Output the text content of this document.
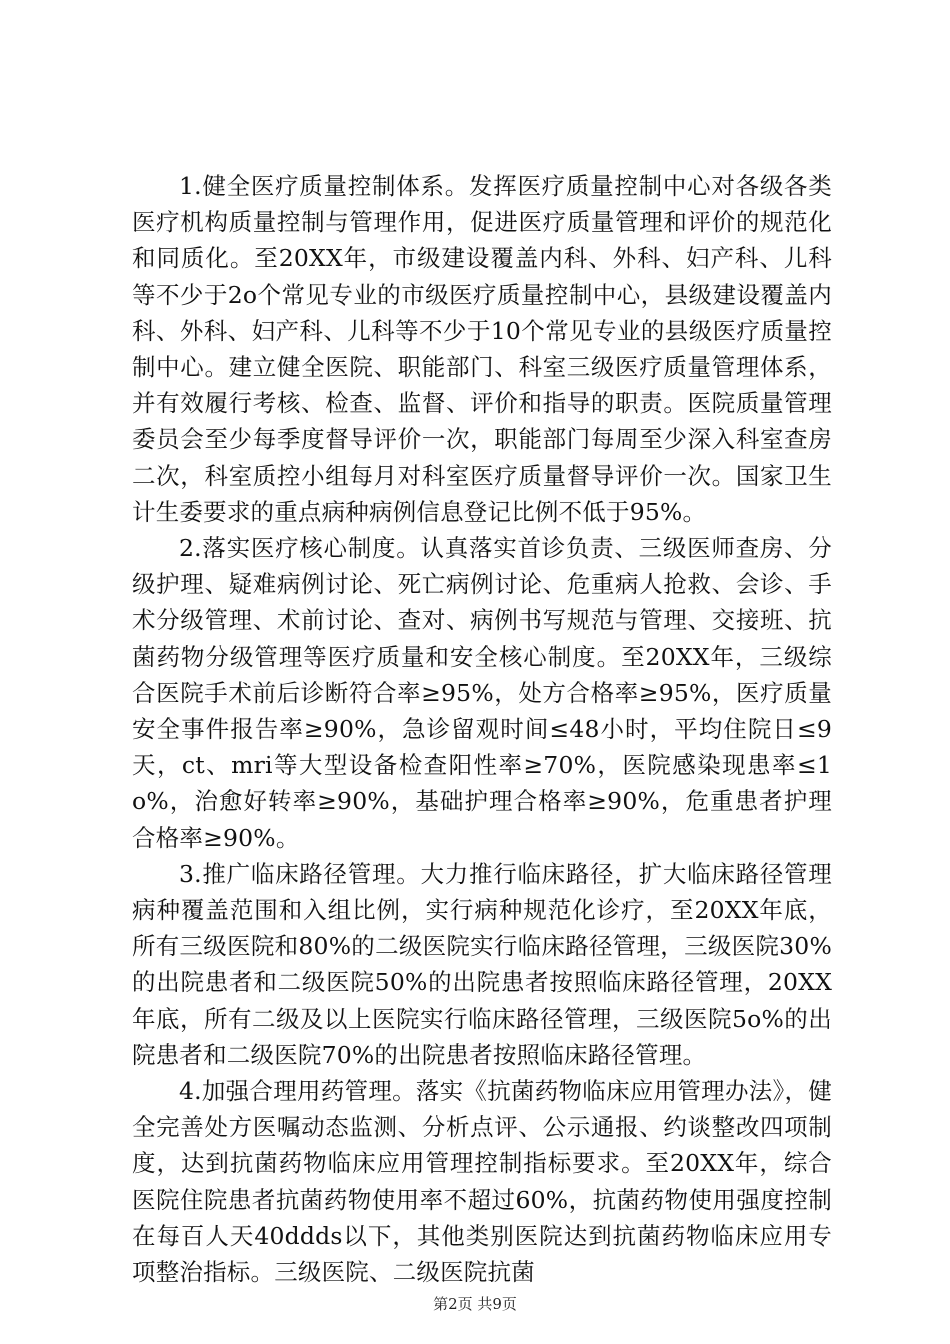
1.健全医疗质量控制体系。发挥医疗质量控制中心对各级各类医疗机构质量控制与管理作用，促进医疗质量管理和评价的规范化和同质化。至20XX年，市级建设覆盖内科、外科、妇产科、儿科等不少于2o个常见专业的市级医疗质量控制中心，县级建设覆盖内科、外科、妇产科、儿科等不少于10个常见专业的县级医疗质量控制中心。建立健全医院、职能部门、科室三级医疗质量管理体系，并有效履行考核、检查、监督、评价和指导的职责。医院质量管理委员会至少每季度督导评价一次，职能部门每周至少深入科室查房二次，科室质控小组每月对科室医疗质量督导评价一次。国家卫生计生委要求的重点病种病例信息登记比例不低于95%。

2.落实医疗核心制度。认真落实首诊负责、三级医师查房、分级护理、疑难病例讨论、死亡病例讨论、危重病人抢救、会诊、手术分级管理、术前讨论、查对、病例书写规范与管理、交接班、抗菌药物分级管理等医疗质量和安全核心制度。至20XX年，三级综合医院手术前后诊断符合率≥95%，处方合格率≥95%，医疗质量安全事件报告率≥90%，急诊留观时间≤48小时，平均住院日≤9天，ct、mri等大型设备检查阳性率≥70%，医院感染现患率≤1o%，治愈好转率≥90%，基础护理合格率≥90%，危重患者护理合格率≥90%。

3.推广临床路径管理。大力推行临床路径，扩大临床路径管理病种覆盖范围和入组比例，实行病种规范化诊疗，至20XX年底，所有三级医院和80%的二级医院实行临床路径管理，三级医院30%的出院患者和二级医院50%的出院患者按照临床路径管理，20XX年底，所有二级及以上医院实行临床路径管理，三级医院5o%的出院患者和二级医院70%的出院患者按照临床路径管理。

4.加强合理用药管理。落实《抗菌药物临床应用管理办法》，健全完善处方医嘱动态监测、分析点评、公示通报、约谈整改四项制度，达到抗菌药物临床应用管理控制指标要求。至20XX年，综合医院住院患者抗菌药物使用率不超过60%，抗菌药物使用强度控制在每百人天40ddds以下，其他类别医院达到抗菌药物临床应用专项整治指标。三级医院、二级医院抗菌

第2页 共9页
